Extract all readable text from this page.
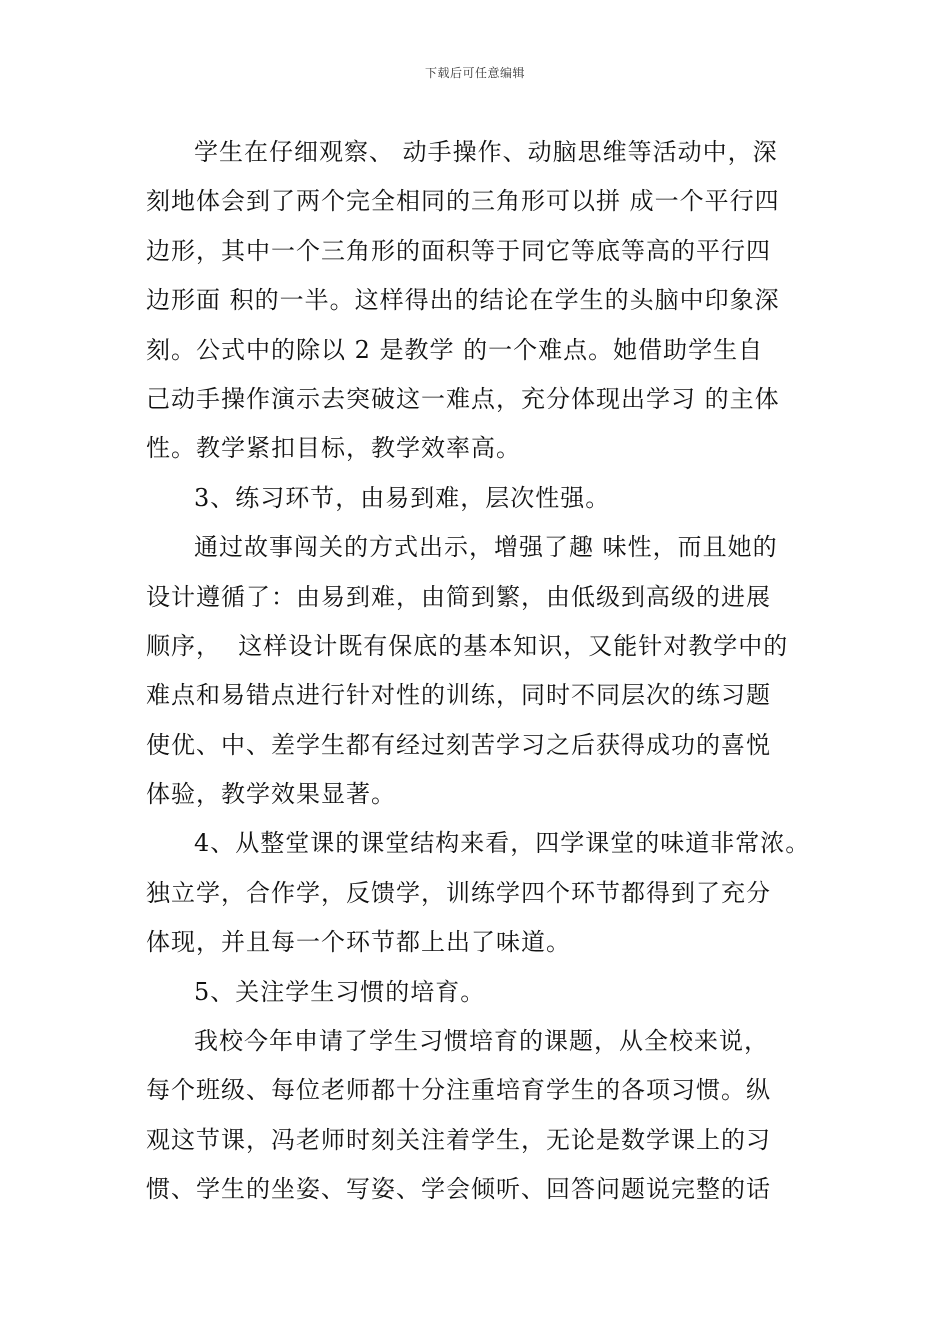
下载后可任意编辑
学生在仔细观察、 动手操作、动脑思维等活动中，深
刻地体会到了两个完全相同的三角形可以拼 成一个平行四
边形，其中一个三角形的面积等于同它等底等高的平行四
边形面 积的一半。这样得出的结论在学生的头脑中印象深
刻。公式中的除以 2 是教学 的一个难点。她借助学生自
己动手操作演示去突破这一难点，充分体现出学习 的主体
性。教学紧扣目标，教学效率高。
3、练习环节，由易到难，层次性强。
通过故事闯关的方式出示，增强了趣 味性，而且她的
设计遵循了：由易到难，由简到繁，由低级到高级的进展
顺序，  这样设计既有保底的基本知识，又能针对教学中的
难点和易错点进行针对性的训练，同时不同层次的练习题
使优、中、差学生都有经过刻苦学习之后获得成功的喜悦
体验，教学效果显著。
4、从整堂课的课堂结构来看，四学课堂的味道非常浓。
独立学，合作学，反馈学，训练学四个环节都得到了充分
体现，并且每一个环节都上出了味道。
5、关注学生习惯的培育。
我校今年申请了学生习惯培育的课题，从全校来说，
每个班级、每位老师都十分注重培育学生的各项习惯。纵
观这节课，冯老师时刻关注着学生，无论是数学课上的习
惯、学生的坐姿、写姿、学会倾听、回答问题说完整的话
